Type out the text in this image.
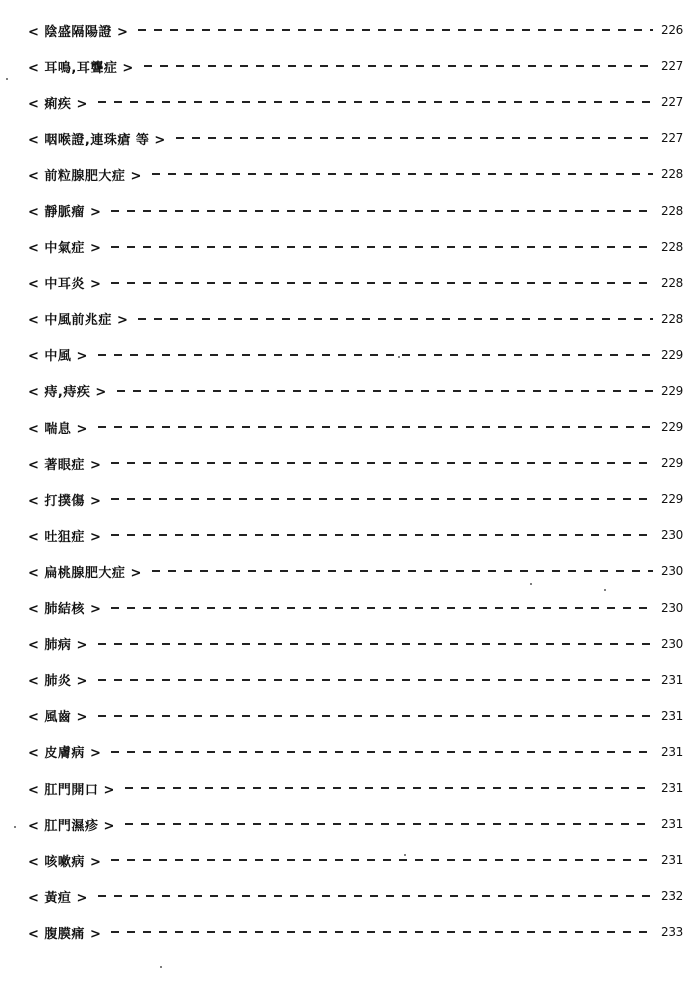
< 陰盛隔陽證 >	226
< 耳鳴,耳聾症 >	227
< 痢疾 >	227
< 咽喉證,連珠瘡 等 >	227
< 前粒腺肥大症 >	228
< 靜脈瘤 >	228
< 中氣症 >	228
< 中耳炎 >	228
< 中風前兆症 >	228
< 中風 >	229
< 痔,痔疾 >	229
< 喘息 >	229
< 著眼症 >	229
< 打撲傷 >	229
< 吐狙症 >	230
< 扁桃腺肥大症 >	230
< 肺結核 >	230
< 肺病 >	230
< 肺炎 >	231
< 風齒 >	231
< 皮膚病 >	231
< 肛門開口 >	231
< 肛門濕疹 >	231
< 咳嗽病 >	231
< 黃疸 >	232
< 腹膜痛 >	233
